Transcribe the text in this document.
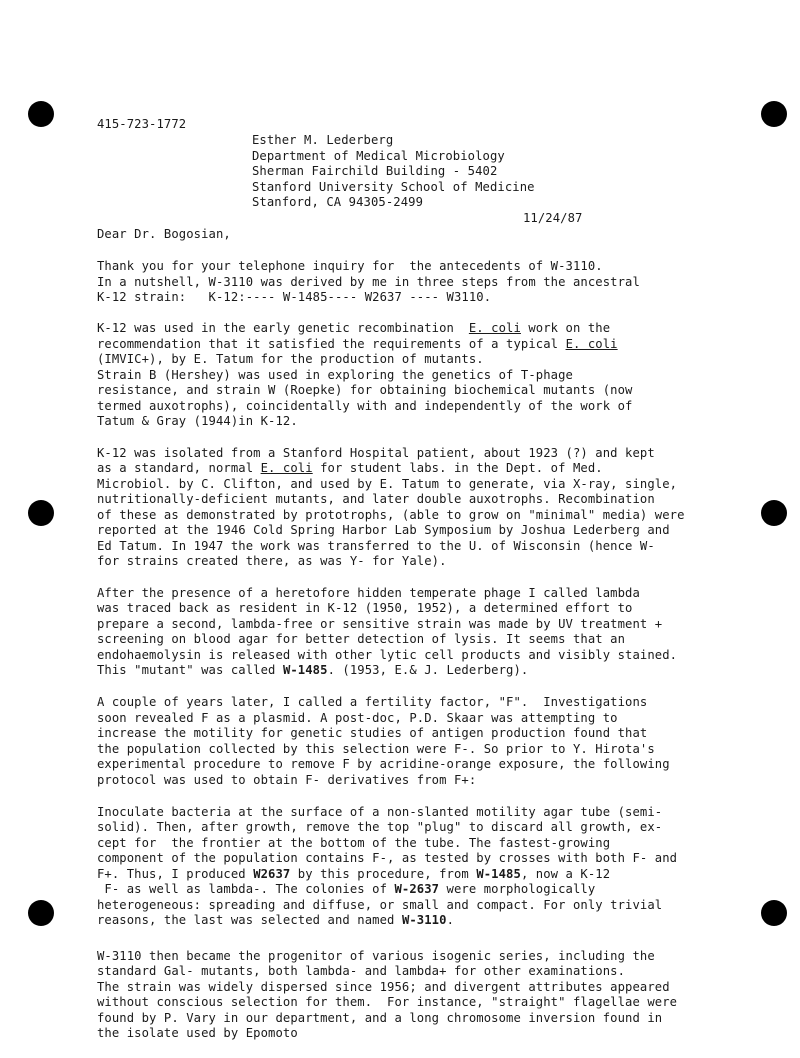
415-723-1772
Esther M. Lederberg
Department of Medical Microbiology
Sherman Fairchild Building - 5402
Stanford University School of Medicine
Stanford, CA 94305-2499
11/24/87
Dear Dr. Bogosian,
Thank you for your telephone inquiry for  the antecedents of W-3110.
In a nutshell, W-3110 was derived by me in three steps from the ancestral
K-12 strain:   K-12:---- W-1485---- W2637 ---- W3110.
K-12 was used in the early genetic recombination  E. coli work on the
recommendation that it satisfied the requirements of a typical E. coli
(IMVIC+), by E. Tatum for the production of mutants.
Strain B (Hershey) was used in exploring the genetics of T-phage
resistance, and strain W (Roepke) for obtaining biochemical mutants (now
termed auxotrophs), coincidentally with and independently of the work of
Tatum & Gray (1944)in K-12.
K-12 was isolated from a Stanford Hospital patient, about 1923 (?) and kept
as a standard, normal E. coli for student labs. in the Dept. of Med.
Microbiol. by C. Clifton, and used by E. Tatum to generate, via X-ray, single,
nutritionally-deficient mutants, and later double auxotrophs. Recombination
of these as demonstrated by prototrophs, (able to grow on "minimal" media) were
reported at the 1946 Cold Spring Harbor Lab Symposium by Joshua Lederberg and
Ed Tatum. In 1947 the work was transferred to the U. of Wisconsin (hence W-
for strains created there, as was Y- for Yale).
After the presence of a heretofore hidden temperate phage I called lambda
was traced back as resident in K-12 (1950, 1952), a determined effort to
prepare a second, lambda-free or sensitive strain was made by UV treatment +
screening on blood agar for better detection of lysis. It seems that an
endohaemolysin is released with other lytic cell products and visibly stained.
This "mutant" was called W-1485. (1953, E.& J. Lederberg).
A couple of years later, I called a fertility factor, "F".  Investigations
soon revealed F as a plasmid. A post-doc, P.D. Skaar was attempting to
increase the motility for genetic studies of antigen production found that
the population collected by this selection were F-. So prior to Y. Hirota's
experimental procedure to remove F by acridine-orange exposure, the following
protocol was used to obtain F- derivatives from F+:
Inoculate bacteria at the surface of a non-slanted motility agar tube (semi-
solid). Then, after growth, remove the top "plug" to discard all growth, ex-
cept for  the frontier at the bottom of the tube. The fastest-growing
component of the population contains F-, as tested by crosses with both F- and
F+. Thus, I produced W2637 by this procedure, from W-1485, now a K-12
F- as well as lambda-. The colonies of W-2637 were morphologically
heterogeneous: spreading and diffuse, or small and compact. For only trivial
reasons, the last was selected and named W-3110.
W-3110 then became the progenitor of various isogenic series, including the
standard Gal- mutants, both lambda- and lambda+ for other examinations.
The strain was widely dispersed since 1956; and divergent attributes appeared
without conscious selection for them.  For instance, "straight" flagellae were
found by P. Vary in our department, and a long chromosome inversion found in
the isolate used by Epomoto
